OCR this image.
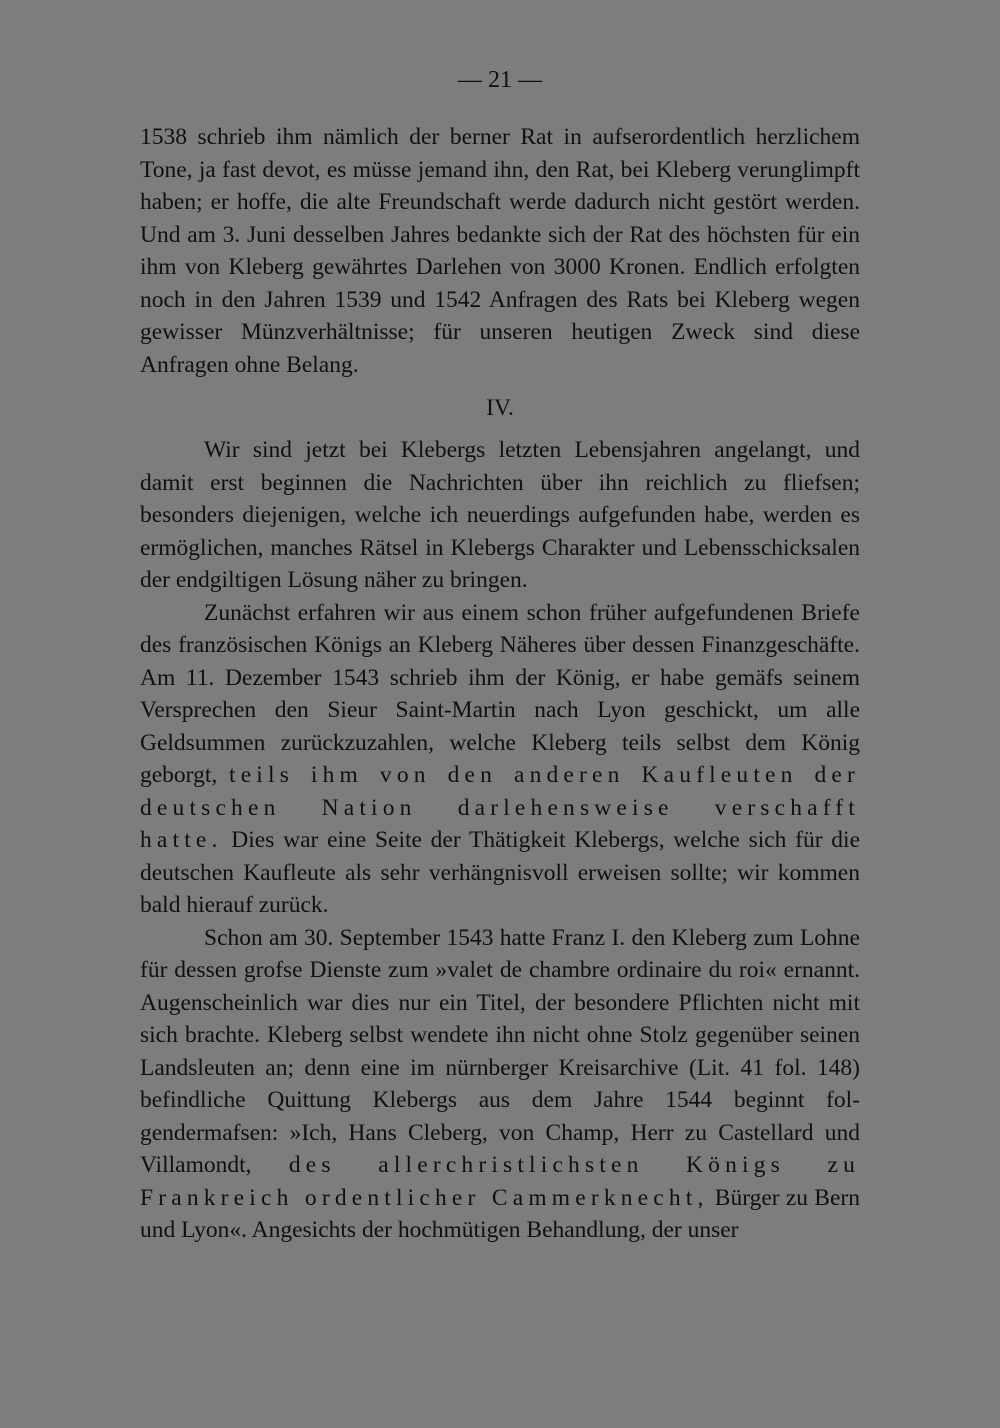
— 21 —

1538 schrieb ihm nämlich der berner Rat in aufserordentlich herzlichem Tone, ja fast devot, es müsse jemand ihn, den Rat, bei Kleberg verunglimpft haben; er hoffe, die alte Freundschaft werde dadurch nicht gestört werden. Und am 3. Juni desselben Jahres bedankte sich der Rat des höchsten für ein ihm von Kleberg gewährtes Darlehen von 3000 Kronen. Endlich erfolgten noch in den Jahren 1539 und 1542 Anfragen des Rats bei Kleberg wegen gewisser Münzverhältnisse; für unseren heutigen Zweck sind diese Anfragen ohne Belang.

IV.

Wir sind jetzt bei Klebergs letzten Lebensjahren angelangt, und damit erst beginnen die Nachrichten über ihn reichlich zu fliefsen; besonders diejenigen, welche ich neuerdings aufgefunden habe, werden es ermöglichen, manches Rätsel in Klebergs Charakter und Lebensschicksalen der endgiltigen Lösung näher zu bringen.

Zunächst erfahren wir aus einem schon früher aufgefundenen Briefe des französischen Königs an Kleberg Näheres über dessen Finanzgeschäfte. Am 11. Dezember 1543 schrieb ihm der König, er habe gemäfs seinem Versprechen den Sieur Saint-Martin nach Lyon geschickt, um alle Geldsummen zurückzuzahlen, welche Kleberg teils selbst dem König geborgt, teils ihm von den anderen Kaufleuten der deutschen Nation darlehensweise verschafft hatte. Dies war eine Seite der Thätigkeit Klebergs, welche sich für die deutschen Kaufleute als sehr verhängnisvoll erweisen sollte; wir kommen bald hierauf zurück.

Schon am 30. September 1543 hatte Franz I. den Kleberg zum Lohne für dessen grofse Dienste zum »valet de chambre ordinaire du roi« ernannt. Augenscheinlich war dies nur ein Titel, der besondere Pflichten nicht mit sich brachte. Kleberg selbst wendete ihn nicht ohne Stolz gegenüber seinen Landsleuten an; denn eine im nürnberger Kreisarchive (Lit. 41 fol. 148) befindliche Quittung Klebergs aus dem Jahre 1544 beginnt folgendermafsen: »Ich, Hans Cleberg, von Champ, Herr zu Castellard und Villamondt, des allerchristlichsten Königs zu Frankreich ordentlicher Cammerknecht, Bürger zu Bern und Lyon«. Angesichts der hochmütigen Behandlung, der unser
